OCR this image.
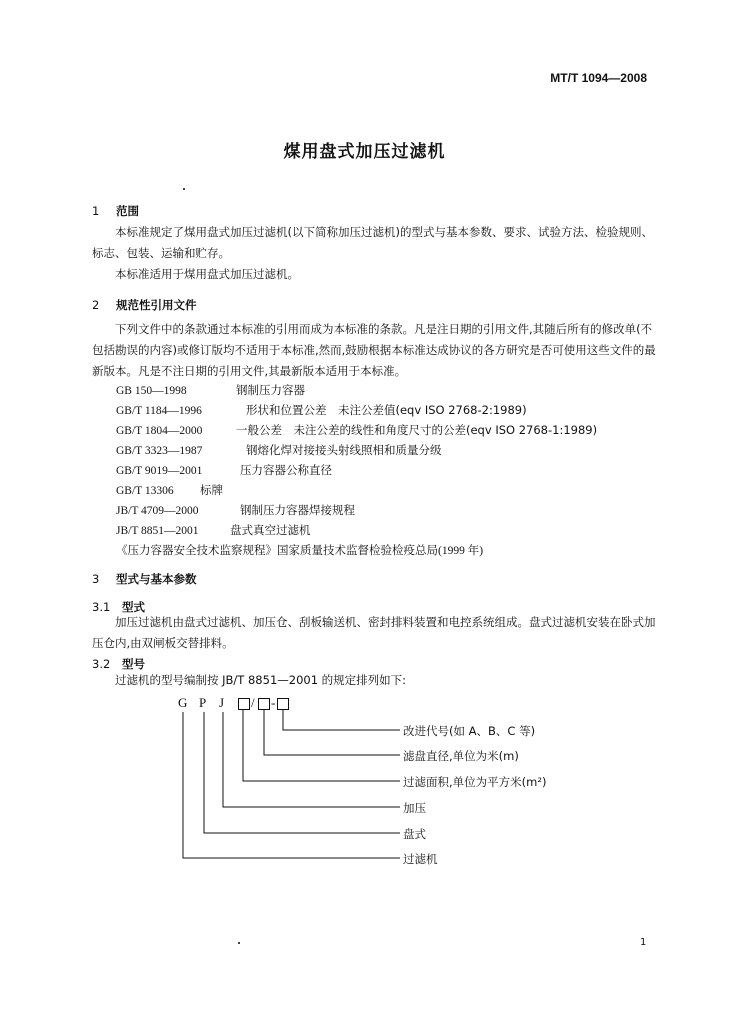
MT/T 1094—2008
煤用盘式加压过滤机
1 范围
本标准规定了煤用盘式加压过滤机(以下简称加压过滤机)的型式与基本参数、要求、试验方法、检验规则、标志、包装、运输和贮存。
本标准适用于煤用盘式加压过滤机。
2 规范性引用文件
下列文件中的条款通过本标准的引用而成为本标准的条款。凡是注日期的引用文件,其随后所有的修改单(不包括勘误的内容)或修订版均不适用于本标准,然而,鼓励根据本标准达成协议的各方研究是否可使用这些文件的最新版本。凡是不注日期的引用文件,其最新版本适用于本标准。
GB 150—1998	钢制压力容器
GB/T 1184—1996	形状和位置公差　未注公差值(eqv ISO 2768-2:1989)
GB/T 1804—2000	一般公差　未注公差的线性和角度尺寸的公差(eqv ISO 2768-1:1989)
GB/T 3323—1987	钢熔化焊对接接头射线照相和质量分级
GB/T 9019—2001	压力容器公称直径
GB/T 13306 标牌
JB/T 4709—2000	钢制压力容器焊接规程
JB/T 8851—2001	盘式真空过滤机
《压力容器安全技术监察规程》国家质量技术监督检验检疫总局(1999 年)
3 型式与基本参数
3.1 型式
加压过滤机由盘式过滤机、加压仓、刮板输送机、密封排料装置和电控系统组成。盘式过滤机安装在卧式加压仓内,由双闸板交替排料。
3.2 型号
过滤机的型号编制按 JB/T 8851—2001 的规定排列如下:
G P J / -
改进代号(如 A、B、C 等)
滤盘直径,单位为米(m)
过滤面积,单位为平方米(m²)
加压
盘式
过滤机
1
